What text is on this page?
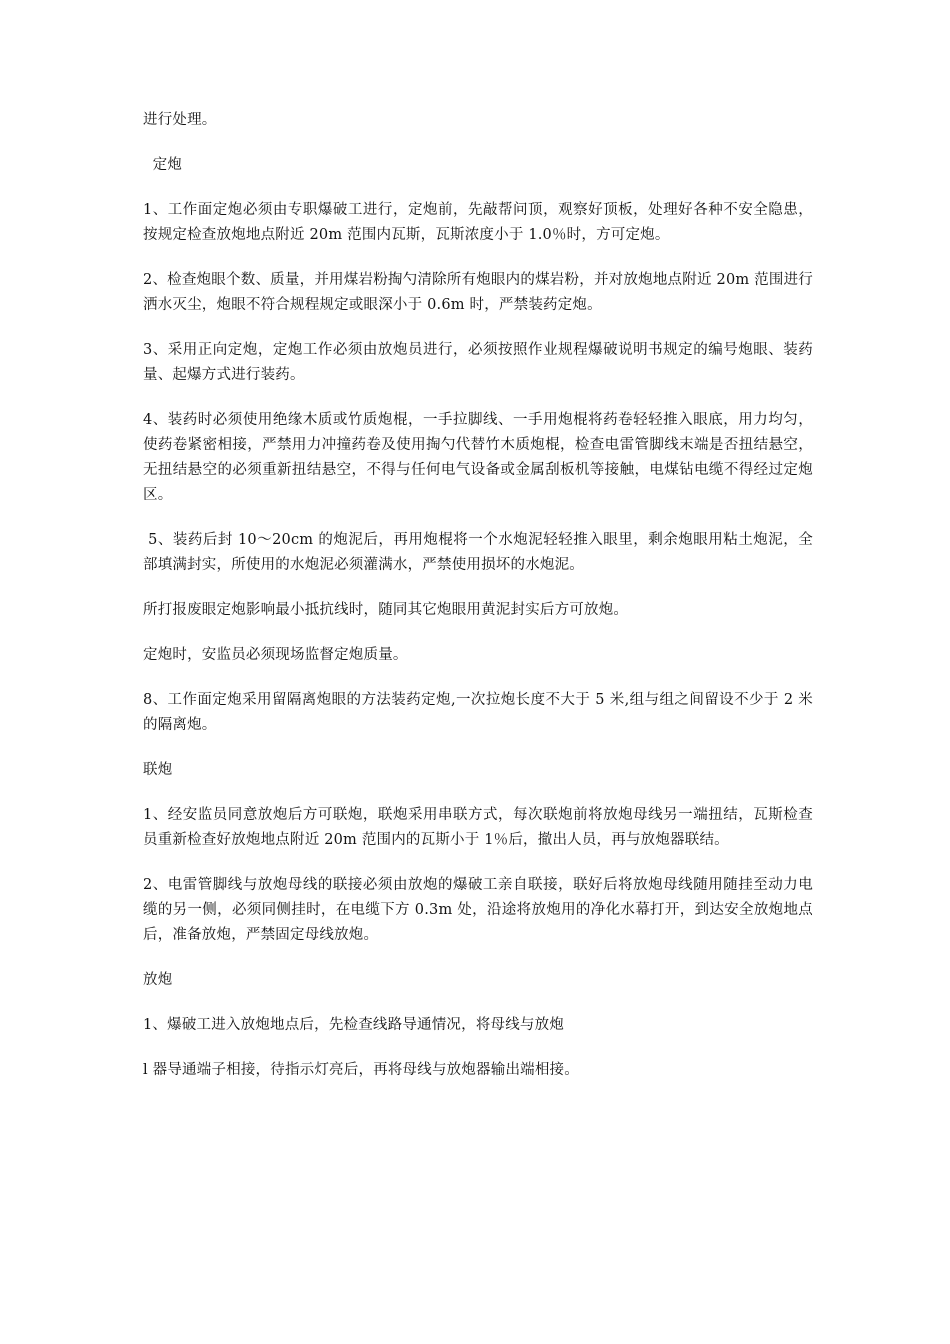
进行处理。

定炮

1、工作面定炮必须由专职爆破工进行，定炮前，先敲帮问顶，观察好顶板，处理好各种不安全隐患，按规定检查放炮地点附近 20m 范围内瓦斯，瓦斯浓度小于 1.0％时，方可定炮。

2、检查炮眼个数、质量，并用煤岩粉掏勺清除所有炮眼内的煤岩粉，并对放炮地点附近 20m 范围进行洒水灭尘，炮眼不符合规程规定或眼深小于 0.6m 时，严禁装药定炮。

3、采用正向定炮，定炮工作必须由放炮员进行，必须按照作业规程爆破说明书规定的编号炮眼、装药量、起爆方式进行装药。

4、装药时必须使用绝缘木质或竹质炮棍，一手拉脚线、一手用炮棍将药卷轻轻推入眼底，用力均匀，使药卷紧密相接，严禁用力冲撞药卷及使用掏勺代替竹木质炮棍，检查电雷管脚线末端是否扭结悬空，无扭结悬空的必须重新扭结悬空，不得与任何电气设备或金属刮板机等接触，电煤钻电缆不得经过定炮区。

5、装药后封 10～20cm 的炮泥后，再用炮棍将一个水炮泥轻轻推入眼里，剩余炮眼用粘土炮泥，全部填满封实，所使用的水炮泥必须灌满水，严禁使用损坏的水炮泥。

所打报废眼定炮影响最小抵抗线时，随同其它炮眼用黄泥封实后方可放炮。

定炮时，安监员必须现场监督定炮质量。

8、工作面定炮采用留隔离炮眼的方法装药定炮,一次拉炮长度不大于 5 米,组与组之间留设不少于 2 米的隔离炮。

联炮

1、经安监员同意放炮后方可联炮，联炮采用串联方式，每次联炮前将放炮母线另一端扭结，瓦斯检查员重新检查好放炮地点附近 20m 范围内的瓦斯小于 1％后，撤出人员，再与放炮器联结。

2、电雷管脚线与放炮母线的联接必须由放炮的爆破工亲自联接，联好后将放炮母线随用随挂至动力电缆的另一侧，必须同侧挂时，在电缆下方 0.3m 处，沿途将放炮用的净化水幕打开，到达安全放炮地点后，准备放炮，严禁固定母线放炮。

放炮

1、爆破工进入放炮地点后，先检查线路导通情况，将母线与放炮

l 器导通端子相接，待指示灯亮后，再将母线与放炮器输出端相接。
